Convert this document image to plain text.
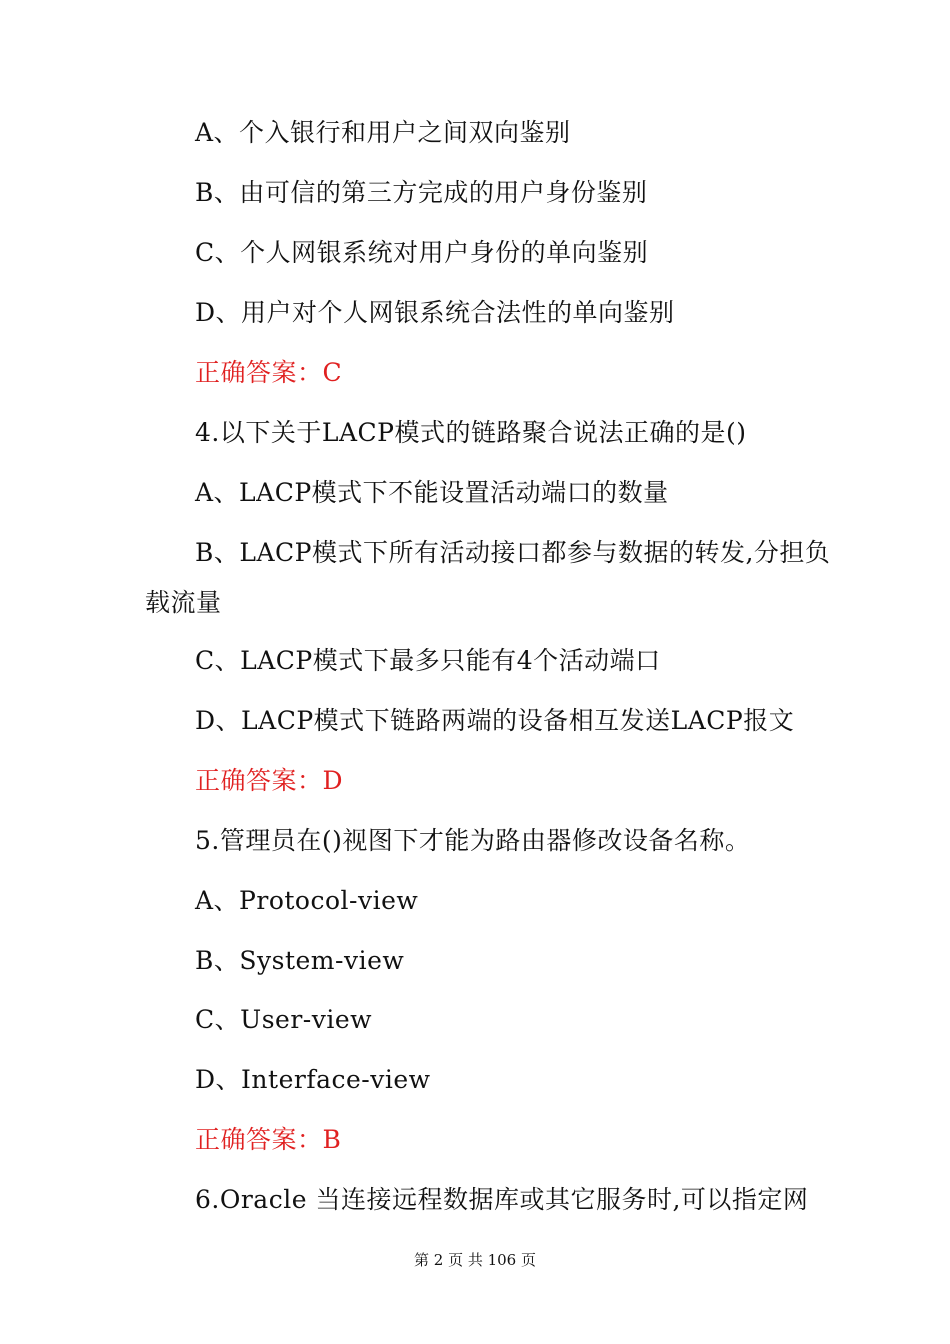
A、个入银行和用户之间双向鉴别
B、由可信的第三方完成的用户身份鉴别
C、个人网银系统对用户身份的单向鉴别
D、用户对个人网银系统合法性的单向鉴别
正确答案：C
4.以下关于LACP模式的链路聚合说法正确的是()
A、LACP模式下不能设置活动端口的数量
B、LACP模式下所有活动接口都参与数据的转发,分担负
载流量
C、LACP模式下最多只能有4个活动端口
D、LACP模式下链路两端的设备相互发送LACP报文
正确答案：D
5.管理员在()视图下才能为路由器修改设备名称。
A、Protocol-view
B、System-view
C、User-view
D、Interface-view
正确答案：B
6.Oracle 当连接远程数据库或其它服务时,可以指定网
第 2 页 共 106 页
